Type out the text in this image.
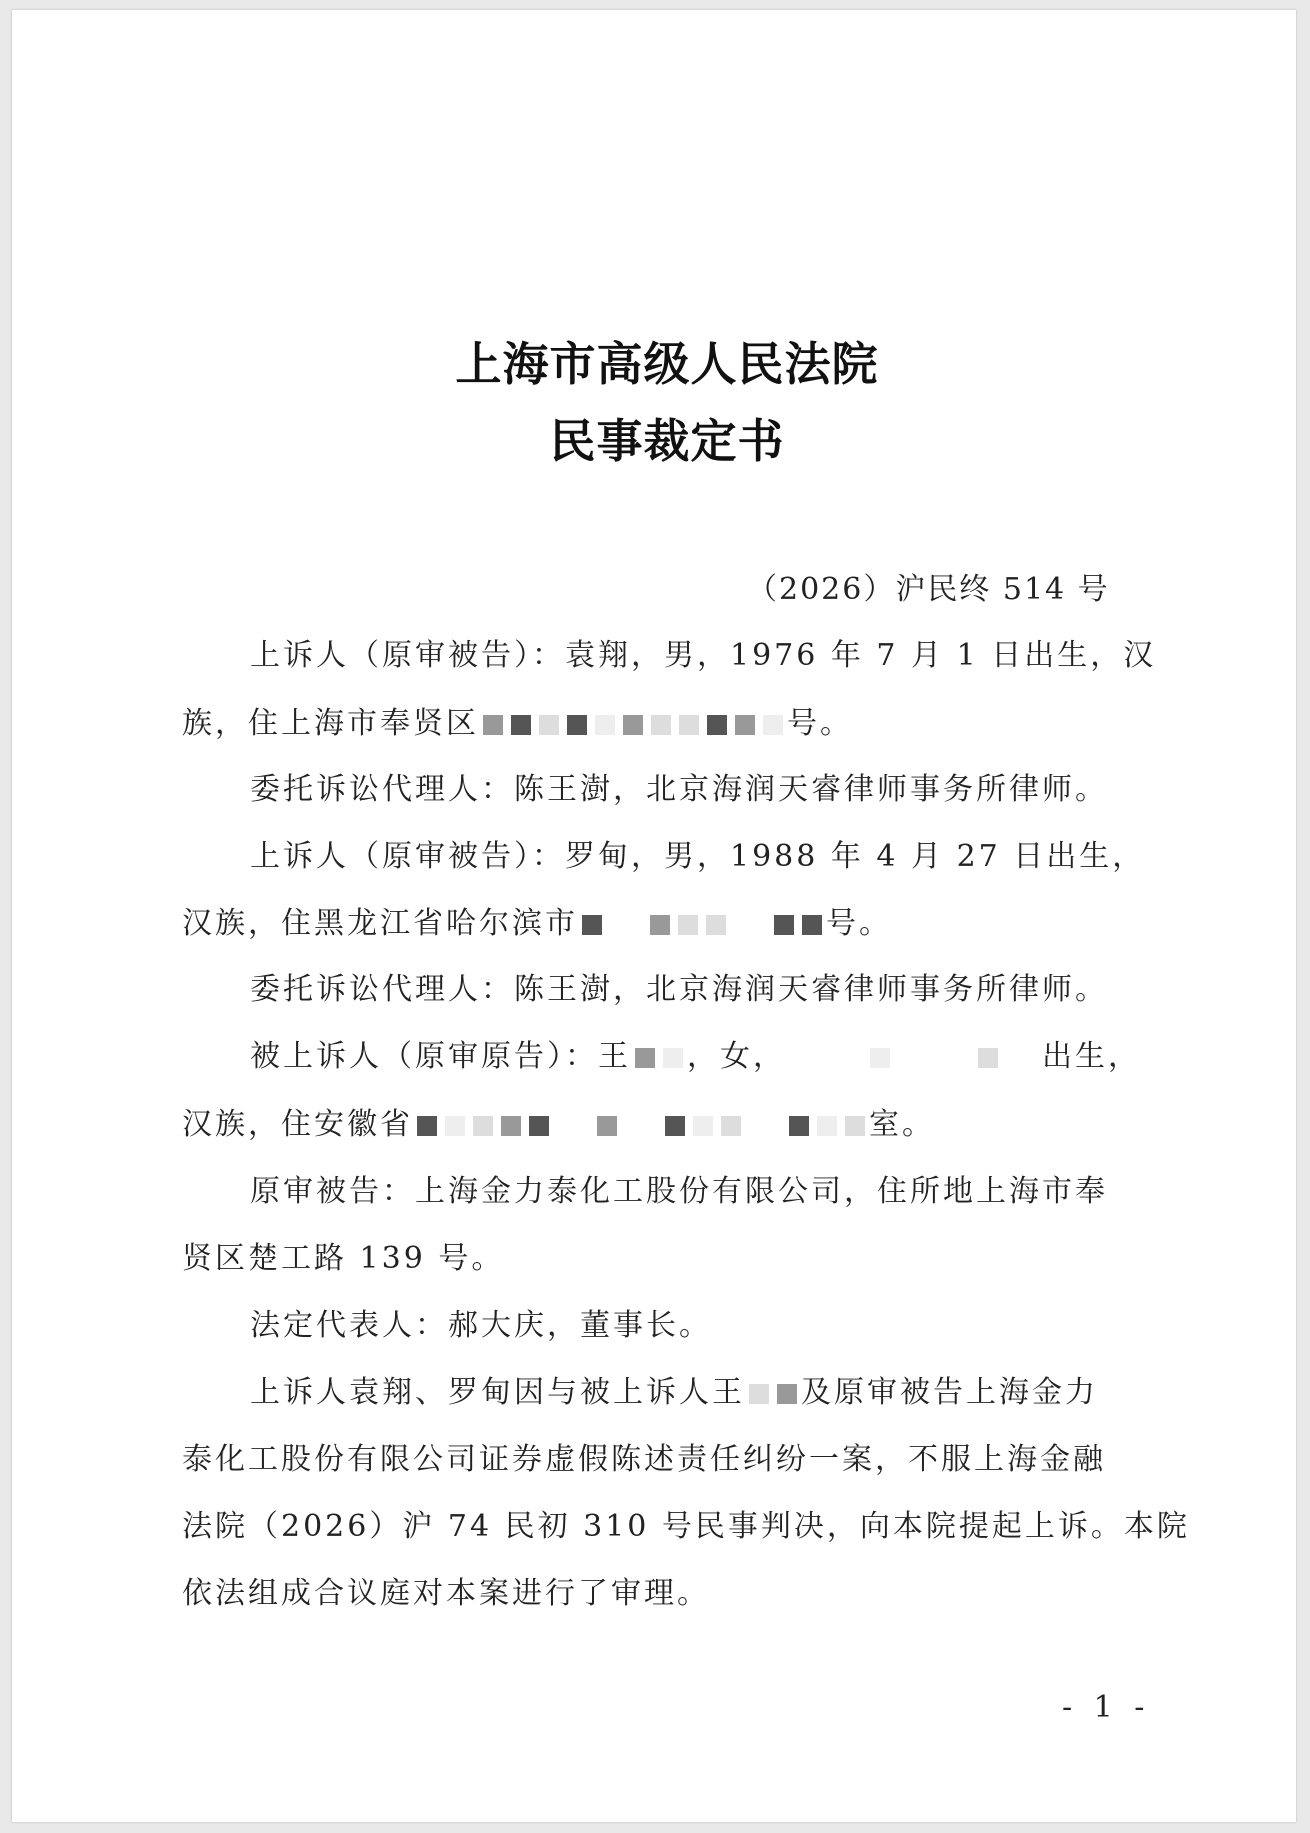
上海市高级人民法院
民事裁定书
（2026）沪民终 514 号
上诉人（原审被告）：袁翔，男，1976 年 7 月 1 日出生，汉
族，住上海市奉贤区	号。
委托诉讼代理人：陈王澍，北京海润天睿律师事务所律师。
上诉人（原审被告）：罗甸，男，1988 年 4 月 27 日出生，
汉族，住黑龙江省哈尔滨市	号。
委托诉讼代理人：陈王澍，北京海润天睿律师事务所律师。
被上诉人（原审原告）：王 ，女，	出生，
汉族，住安徽省	室。
原审被告：上海金力泰化工股份有限公司，住所地上海市奉
贤区楚工路 139 号。
法定代表人：郝大庆，董事长。
上诉人袁翔、罗甸因与被上诉人王 及原审被告上海金力
泰化工股份有限公司证券虚假陈述责任纠纷一案，不服上海金融
法院（2026）沪 74 民初 310 号民事判决，向本院提起上诉。本院
依法组成合议庭对本案进行了审理。
- 1 -
